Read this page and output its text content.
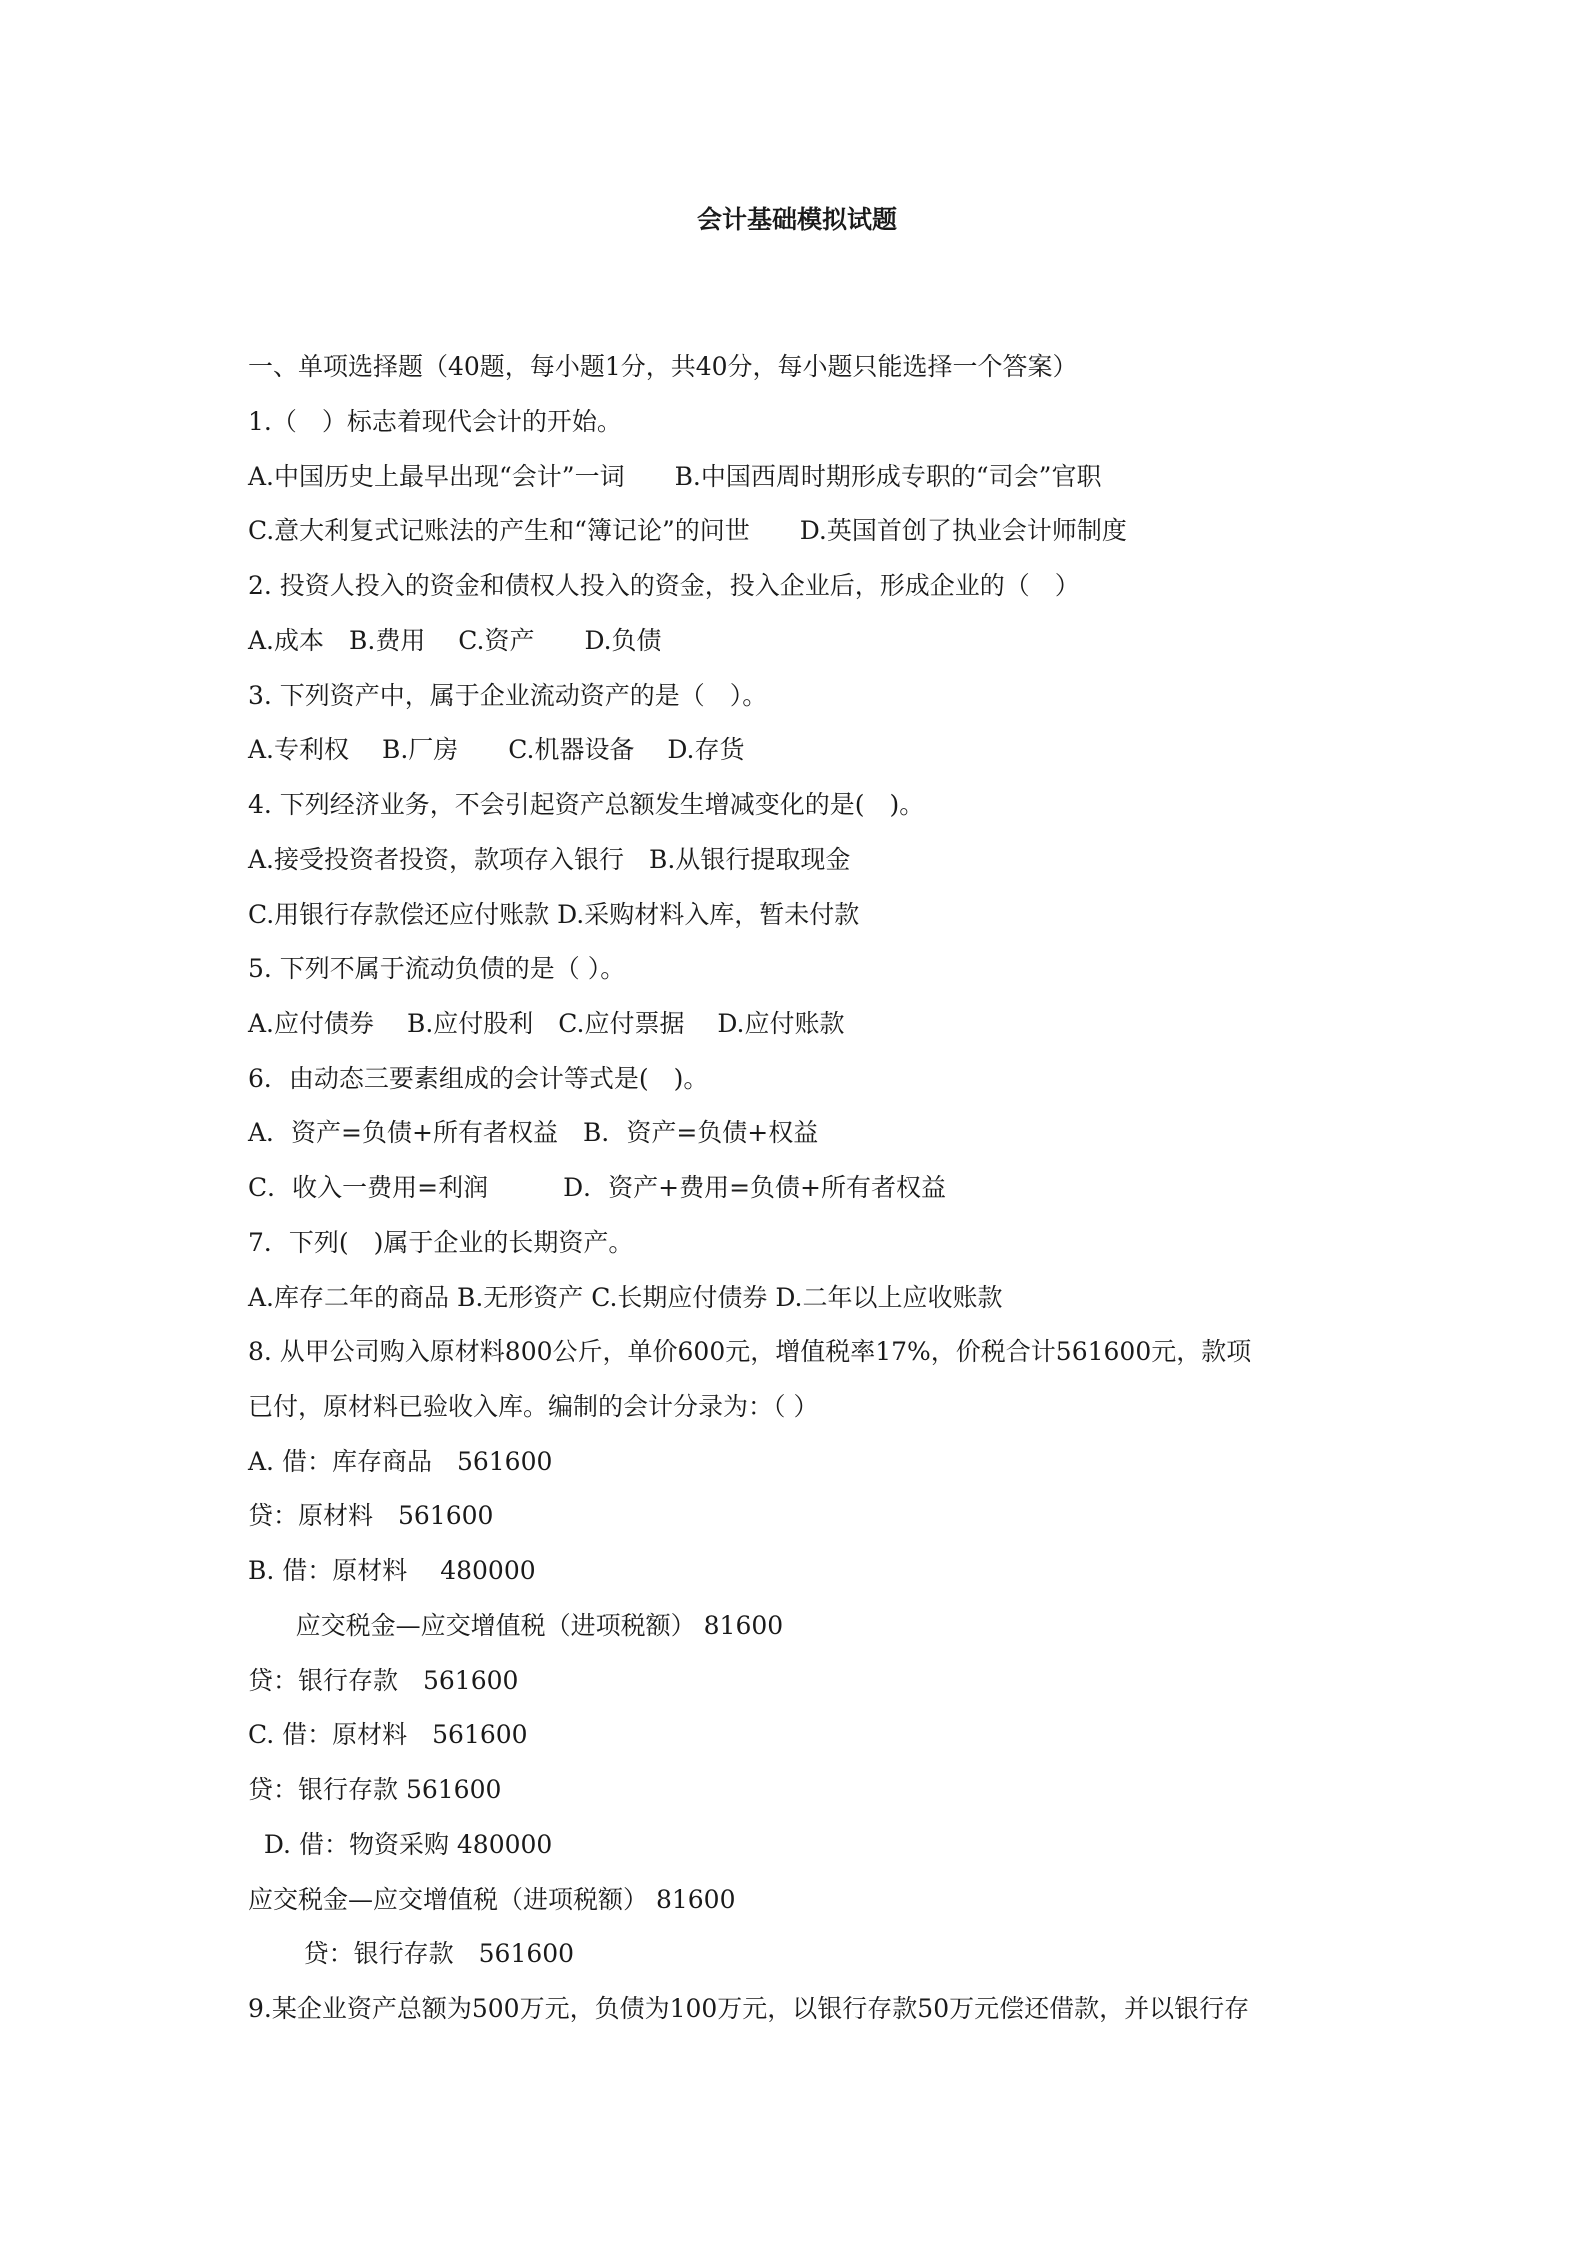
会计基础模拟试题
一、单项选择题（40题，每小题1分，共40分，每小题只能选择一个答案）
1.（　）标志着现代会计的开始。
A.中国历史上最早出现“会计”一词　　B.中国西周时期形成专职的“司会”官职
C.意大利复式记账法的产生和“簿记论”的问世　　D.英国首创了执业会计师制度
2. 投资人投入的资金和债权人投入的资金，投入企业后，形成企业的（　）
A.成本　B.费用　 C.资产　　D.负债
3. 下列资产中，属于企业流动资产的是（　）。
A.专利权　 B.厂房　　C.机器设备　 D.存货
4. 下列经济业务，不会引起资产总额发生增减变化的是(　)。
A.接受投资者投资，款项存入银行　B.从银行提取现金
C.用银行存款偿还应付账款 D.采购材料入库，暂未付款
5. 下列不属于流动负债的是（ ）。
A.应付债券　 B.应付股利　C.应付票据　 D.应付账款
6．由动态三要素组成的会计等式是(　)。
A．资产=负债+所有者权益　B．资产=负债+权益
C．收入一费用=利润　　　D．资产+费用=负债+所有者权益
7．下列(　)属于企业的长期资产。
A.库存二年的商品 B.无形资产 C.长期应付债券 D.二年以上应收账款
8. 从甲公司购入原材料800公斤，单价600元，增值税率17%，价税合计561600元，款项
已付，原材料已验收入库。编制的会计分录为：（ ）
A. 借：库存商品　561600
贷：原材料　561600
B. 借：原材料　 480000
应交税金—应交增值税（进项税额） 81600
贷：银行存款　561600
C. 借：原材料　561600
贷：银行存款 561600
D. 借：物资采购 480000
应交税金—应交增值税（进项税额） 81600
贷：银行存款　561600
9.某企业资产总额为500万元，负债为100万元，以银行存款50万元偿还借款，并以银行存
